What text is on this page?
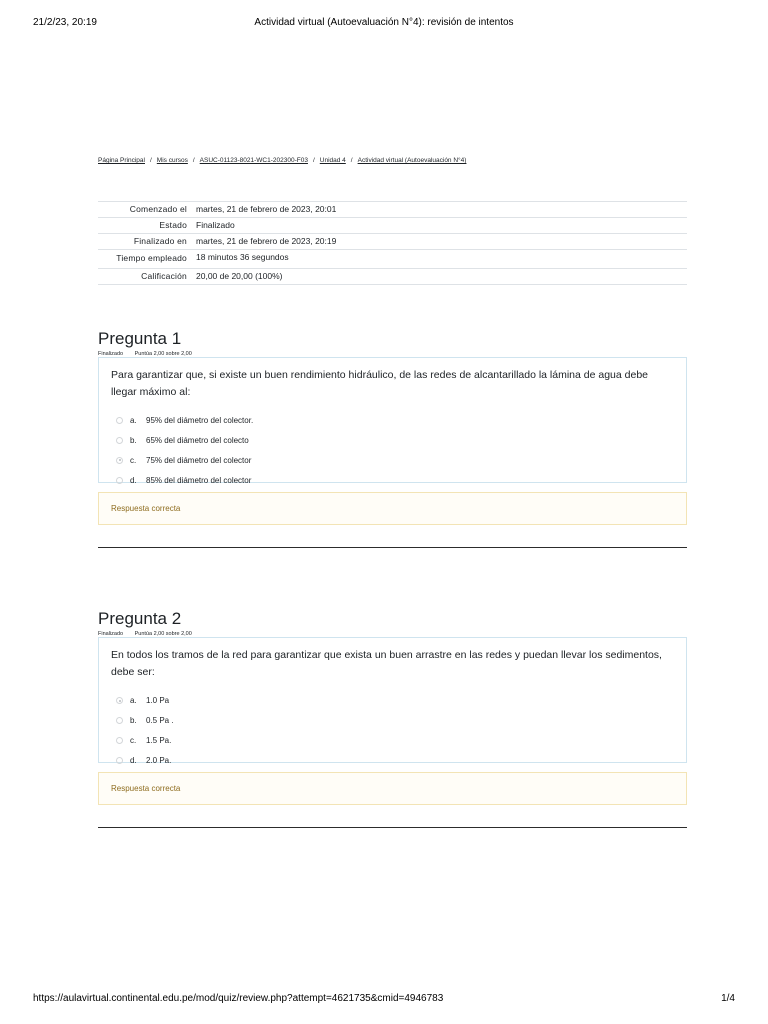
21/2/23, 20:19	Actividad virtual (Autoevaluación N°4): revisión de intentos
Página Principal / Mis cursos / ASUC-01123-8021-WC1-202300-F03 / Unidad 4 / Actividad virtual (Autoevaluación N°4)
Comenzado el	martes, 21 de febrero de 2023, 20:01
Estado	Finalizado
Finalizado en	martes, 21 de febrero de 2023, 20:19
Tiempo empleado	18 minutos 36 segundos
Calificación	20,00 de 20,00 (100%)
Pregunta 1
Finalizado Puntúa 2,00 sobre 2,00
Para garantizar que, si existe un buen rendimiento hidráulico, de las redes de alcantarillado la lámina de agua debe llegar máximo al:
a.	95% del diámetro del colector.
b.	65% del diámetro del colecto
c.	75% del diámetro del colector
d.	85% del diámetro del colector
Respuesta correcta
Pregunta 2
Finalizado Puntúa 2,00 sobre 2,00
En todos los tramos de la red para garantizar que exista un buen arrastre en las redes y puedan llevar los sedimentos, debe ser:
a.	1.0 Pa
b.	0.5 Pa .
c.	1.5 Pa.
d.	2.0 Pa.
Respuesta correcta
https://aulavirtual.continental.edu.pe/mod/quiz/review.php?attempt=4621735&cmid=4946783	1/4
